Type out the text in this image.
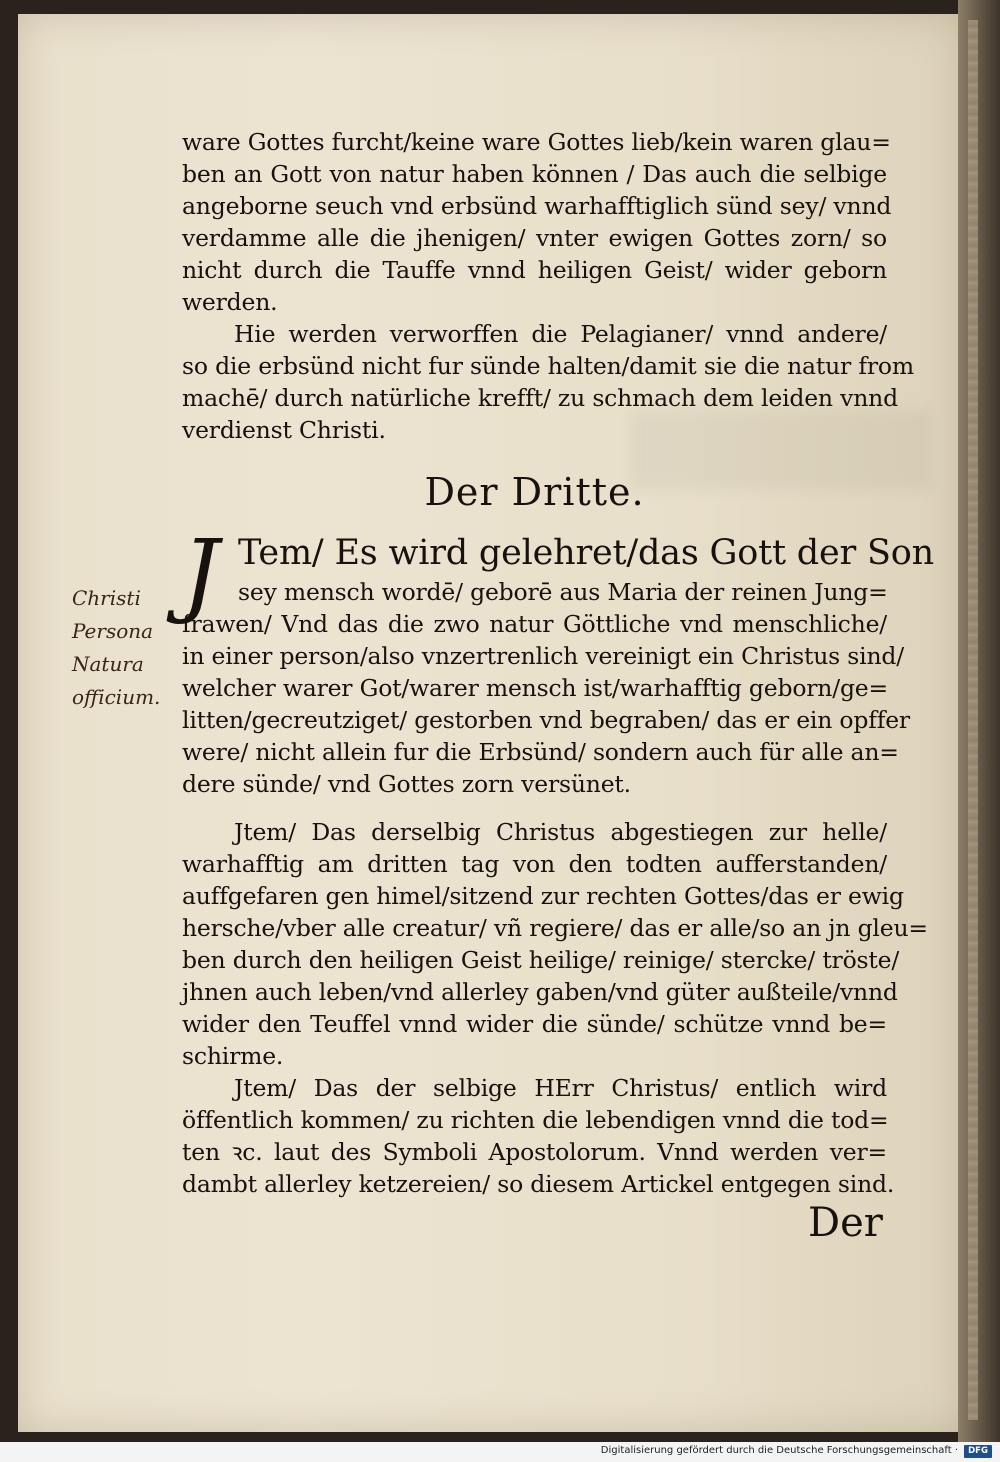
ware Gottes furcht/keine ware Gottes lieb/kein waren glau=
ben an Gott von natur haben können / Das auch die selbige
angeborne seuch vnd erbsünd warhafftiglich sünd sey/ vnnd
verdamme alle die jhenigen/ vnter ewigen Gottes zorn/ so
nicht durch die Tauffe vnnd heiligen Geist/ wider geborn
werden.
Hie werden verworffen die Pelagianer/ vnnd andere/
so die erbsünd nicht fur sünde halten/damit sie die natur from
machē/ durch natürliche krefft/ zu schmach dem leiden vnnd
verdienst Christi.
Der Dritte.
J Tem/ Es wird gelehret/das Gott der Son
sey mensch wordē/ geborē aus Maria der reinen Jung=
frawen/ Vnd das die zwo natur Göttliche vnd menschliche/
in einer person/also vnzertrenlich vereinigt ein Christus sind/
welcher warer Got/warer mensch ist/warhafftig geborn/ge=
litten/gecreutziget/ gestorben vnd begraben/ das er ein opffer
were/ nicht allein fur die Erbsünd/ sondern auch für alle an=
dere sünde/ vnd Gottes zorn versünet.
Jtem/ Das derselbig Christus abgestiegen zur helle/
warhafftig am dritten tag von den todten aufferstanden/
auffgefaren gen himel/sitzend zur rechten Gottes/das er ewig
hersche/vber alle creatur/ vñ regiere/ das er alle/so an jn gleu=
ben durch den heiligen Geist heilige/ reinige/ stercke/ tröste/
jhnen auch leben/vnd allerley gaben/vnd güter außteile/vnnd
wider den Teuffel vnnd wider die sünde/ schütze vnnd be=
schirme.
Jtem/ Das der selbige HErr Christus/ entlich wird
öffentlich kommen/ zu richten die lebendigen vnnd die tod=
ten ꝛc. laut des Symboli Apostolorum. Vnnd werden ver=
dambt allerley ketzereien/ so diesem Artickel entgegen sind.
Christi
Persona
Natura
officium.
Der
Digitalisierung gefördert durch die Deutsche Forschungsgemeinschaft ·	DFG
